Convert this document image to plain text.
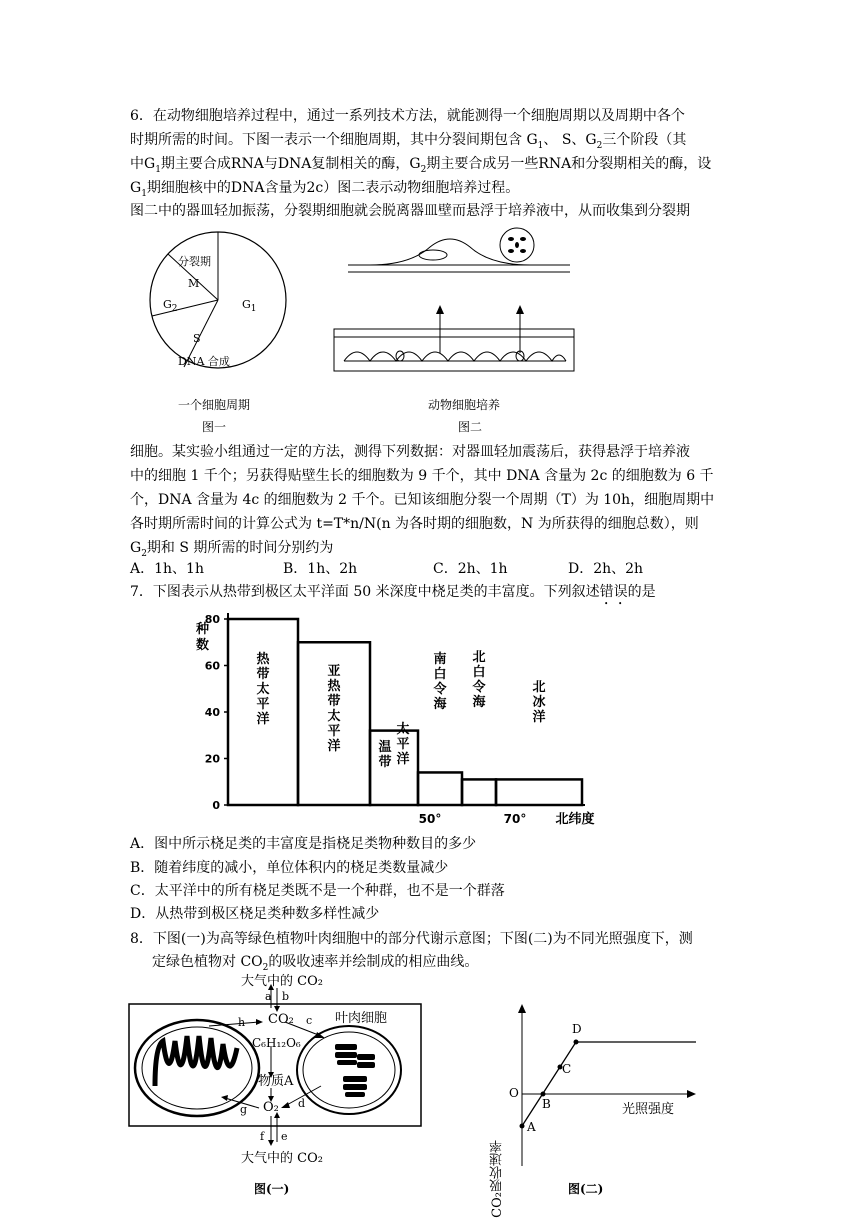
6．在动物细胞培养过程中，通过一系列技术方法，就能测得一个细胞周期以及周期中各个
时期所需的时间。下图一表示一个细胞周期，其中分裂间期包含 $G_1$、 S、$G_2$三个阶段（其
中$G_1$期主要合成RNA与DNA复制相关的酶，$G_2$期主要合成另一些RNA和分裂期相关的酶，设
$G_1$期细胞核中的DNA含量为2c）图二表示动物细胞培养过程。
图二中的器皿轻加振荡，分裂期细胞就会脱离器皿壁而悬浮于培养液中，从而收集到分裂期
分裂期
M
$G_2$	$G_1$
S
DNA 合成
一个细胞周期
图一
动物细胞培养
图二
细胞。某实验小组通过一定的方法，测得下列数据：对器皿轻加震荡后，获得悬浮于培养液
中的细胞 1 千个；另获得贴壁生长的细胞数为 9 千个，其中 DNA 含量为 2c 的细胞数为 6 千
个，DNA 含量为 4c 的细胞数为 2 千个。已知该细胞分裂一个周期（T）为 10h，细胞周期中
各时期所需时间的计算公式为 t=T*n/N(n 为各时期的细胞数，N 为所获得的细胞总数），则
$G_2$期和 S 期所需的时间分别约为
A．1h、1h	B．1h、2h	C．2h、1h	D．2h、2h
7．下图表示从热带到极区太平洋面 50 米深度中桡足类的丰富度。下列叙述错误的是
0
20
40
60
80
种数
50°	70° 北纬度
热带太平洋
亚热带太平洋	温带
太平洋
南白令海
北白令海
北冰洋
A．图中所示桡足类的丰富度是指桡足类物种数目的多少
B．随着纬度的减小，单位体积内的桡足类数量减少
C．太平洋中的所有桡足类既不是一个种群，也不是一个群落
D．从热带到极区桡足类种数多样性减少
8．下图(一)为高等绿色植物叶肉细胞中的部分代谢示意图；下图(二)为不同光照强度下，测
定绿色植物对 $CO_2$的吸收速率并绘制成的相应曲线。
大气中的 CO₂
a b
CO₂
h	c 叶肉细胞
C₆H₁₂O₆
物质A
O₂ d
g
f e
大气中的 CO₂
图(一)	CO₂吸收速率
光照强度
O
A
B
C
D
图(二)
